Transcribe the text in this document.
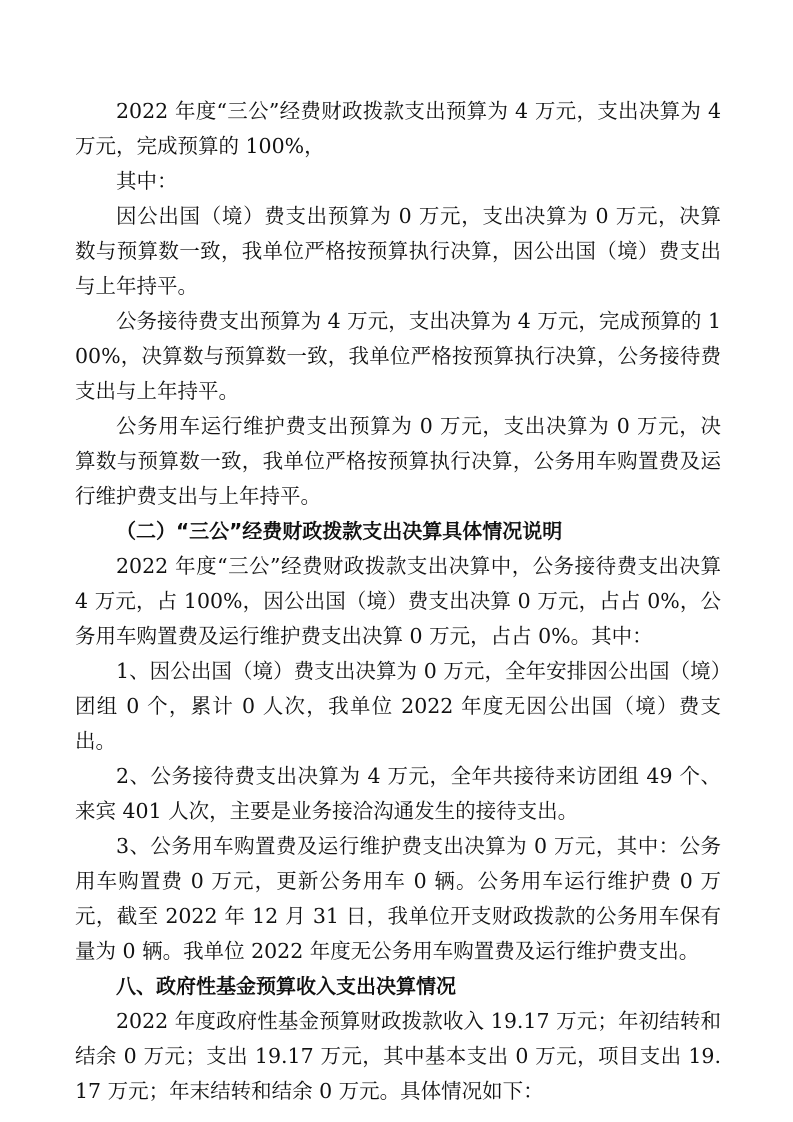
2022 年度“三公”经费财政拨款支出预算为 4 万元，支出决算为 4 万元，完成预算的 100%，

其中：

因公出国（境）费支出预算为 0 万元，支出决算为 0 万元，决算数与预算数一致，我单位严格按预算执行决算，因公出国（境）费支出与上年持平。

公务接待费支出预算为 4 万元，支出决算为 4 万元，完成预算的 100%，决算数与预算数一致，我单位严格按预算执行决算，公务接待费支出与上年持平。

公务用车运行维护费支出预算为 0 万元，支出决算为 0 万元，决算数与预算数一致，我单位严格按预算执行决算，公务用车购置费及运行维护费支出与上年持平。

（二）“三公”经费财政拨款支出决算具体情况说明

2022 年度“三公”经费财政拨款支出决算中，公务接待费支出决算 4 万元，占 100%，因公出国（境）费支出决算 0 万元，占占 0%，公务用车购置费及运行维护费支出决算 0 万元，占占 0%。其中：

1、因公出国（境）费支出决算为 0 万元，全年安排因公出国（境）团组 0 个，累计 0 人次，我单位 2022 年度无因公出国（境）费支出。

2、公务接待费支出决算为 4 万元，全年共接待来访团组 49 个、来宾 401 人次，主要是业务接洽沟通发生的接待支出。

3、公务用车购置费及运行维护费支出决算为 0 万元，其中：公务用车购置费 0 万元，更新公务用车 0 辆。公务用车运行维护费 0 万元，截至 2022 年 12 月 31 日，我单位开支财政拨款的公务用车保有量为 0 辆。我单位 2022 年度无公务用车购置费及运行维护费支出。

八、政府性基金预算收入支出决算情况

2022 年度政府性基金预算财政拨款收入 19.17 万元；年初结转和结余 0 万元；支出 19.17 万元，其中基本支出 0 万元，项目支出 19.17 万元；年末结转和结余 0 万元。具体情况如下：
